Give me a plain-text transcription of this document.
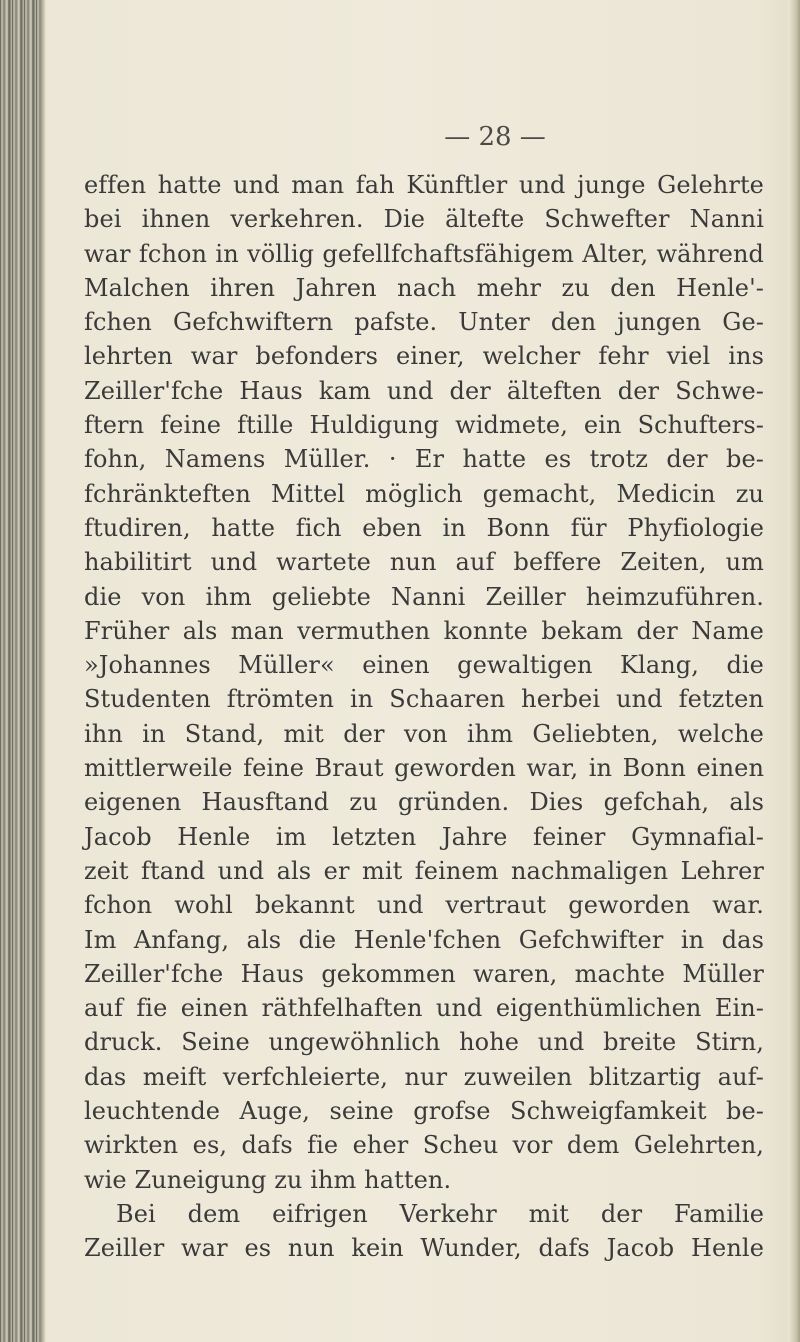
— 28 —
effen hatte und man fah Künftler und junge Gelehrte
bei ihnen verkehren. Die ältefte Schwefter Nanni
war fchon in völlig gefellfchaftsfähigem Alter, während
Malchen ihren Jahren nach mehr zu den Henle'-
fchen Gefchwiftern pafste. Unter den jungen Ge-
lehrten war befonders einer, welcher fehr viel ins
Zeiller'fche Haus kam und der älteften der Schwe-
ftern feine ftille Huldigung widmete, ein Schufters-
fohn, Namens Müller. · Er hatte es trotz der be-
fchränkteften Mittel möglich gemacht, Medicin zu
ftudiren, hatte fich eben in Bonn für Phyfiologie
habilitirt und wartete nun auf beffere Zeiten, um
die von ihm geliebte Nanni Zeiller heimzuführen.
Früher als man vermuthen konnte bekam der Name
»Johannes Müller« einen gewaltigen Klang, die
Studenten ftrömten in Schaaren herbei und fetzten
ihn in Stand, mit der von ihm Geliebten, welche
mittlerweile feine Braut geworden war, in Bonn einen
eigenen Hausftand zu gründen. Dies gefchah, als
Jacob Henle im letzten Jahre feiner Gymnafial-
zeit ftand und als er mit feinem nachmaligen Lehrer
fchon wohl bekannt und vertraut geworden war.
Im Anfang, als die Henle'fchen Gefchwifter in das
Zeiller'fche Haus gekommen waren, machte Müller
auf fie einen räthfelhaften und eigenthümlichen Ein-
druck. Seine ungewöhnlich hohe und breite Stirn,
das meift verfchleierte, nur zuweilen blitzartig auf-
leuchtende Auge, seine grofse Schweigfamkeit be-
wirkten es, dafs fie eher Scheu vor dem Gelehrten,
wie Zuneigung zu ihm hatten.
Bei dem eifrigen Verkehr mit der Familie
Zeiller war es nun kein Wunder, dafs Jacob Henle
